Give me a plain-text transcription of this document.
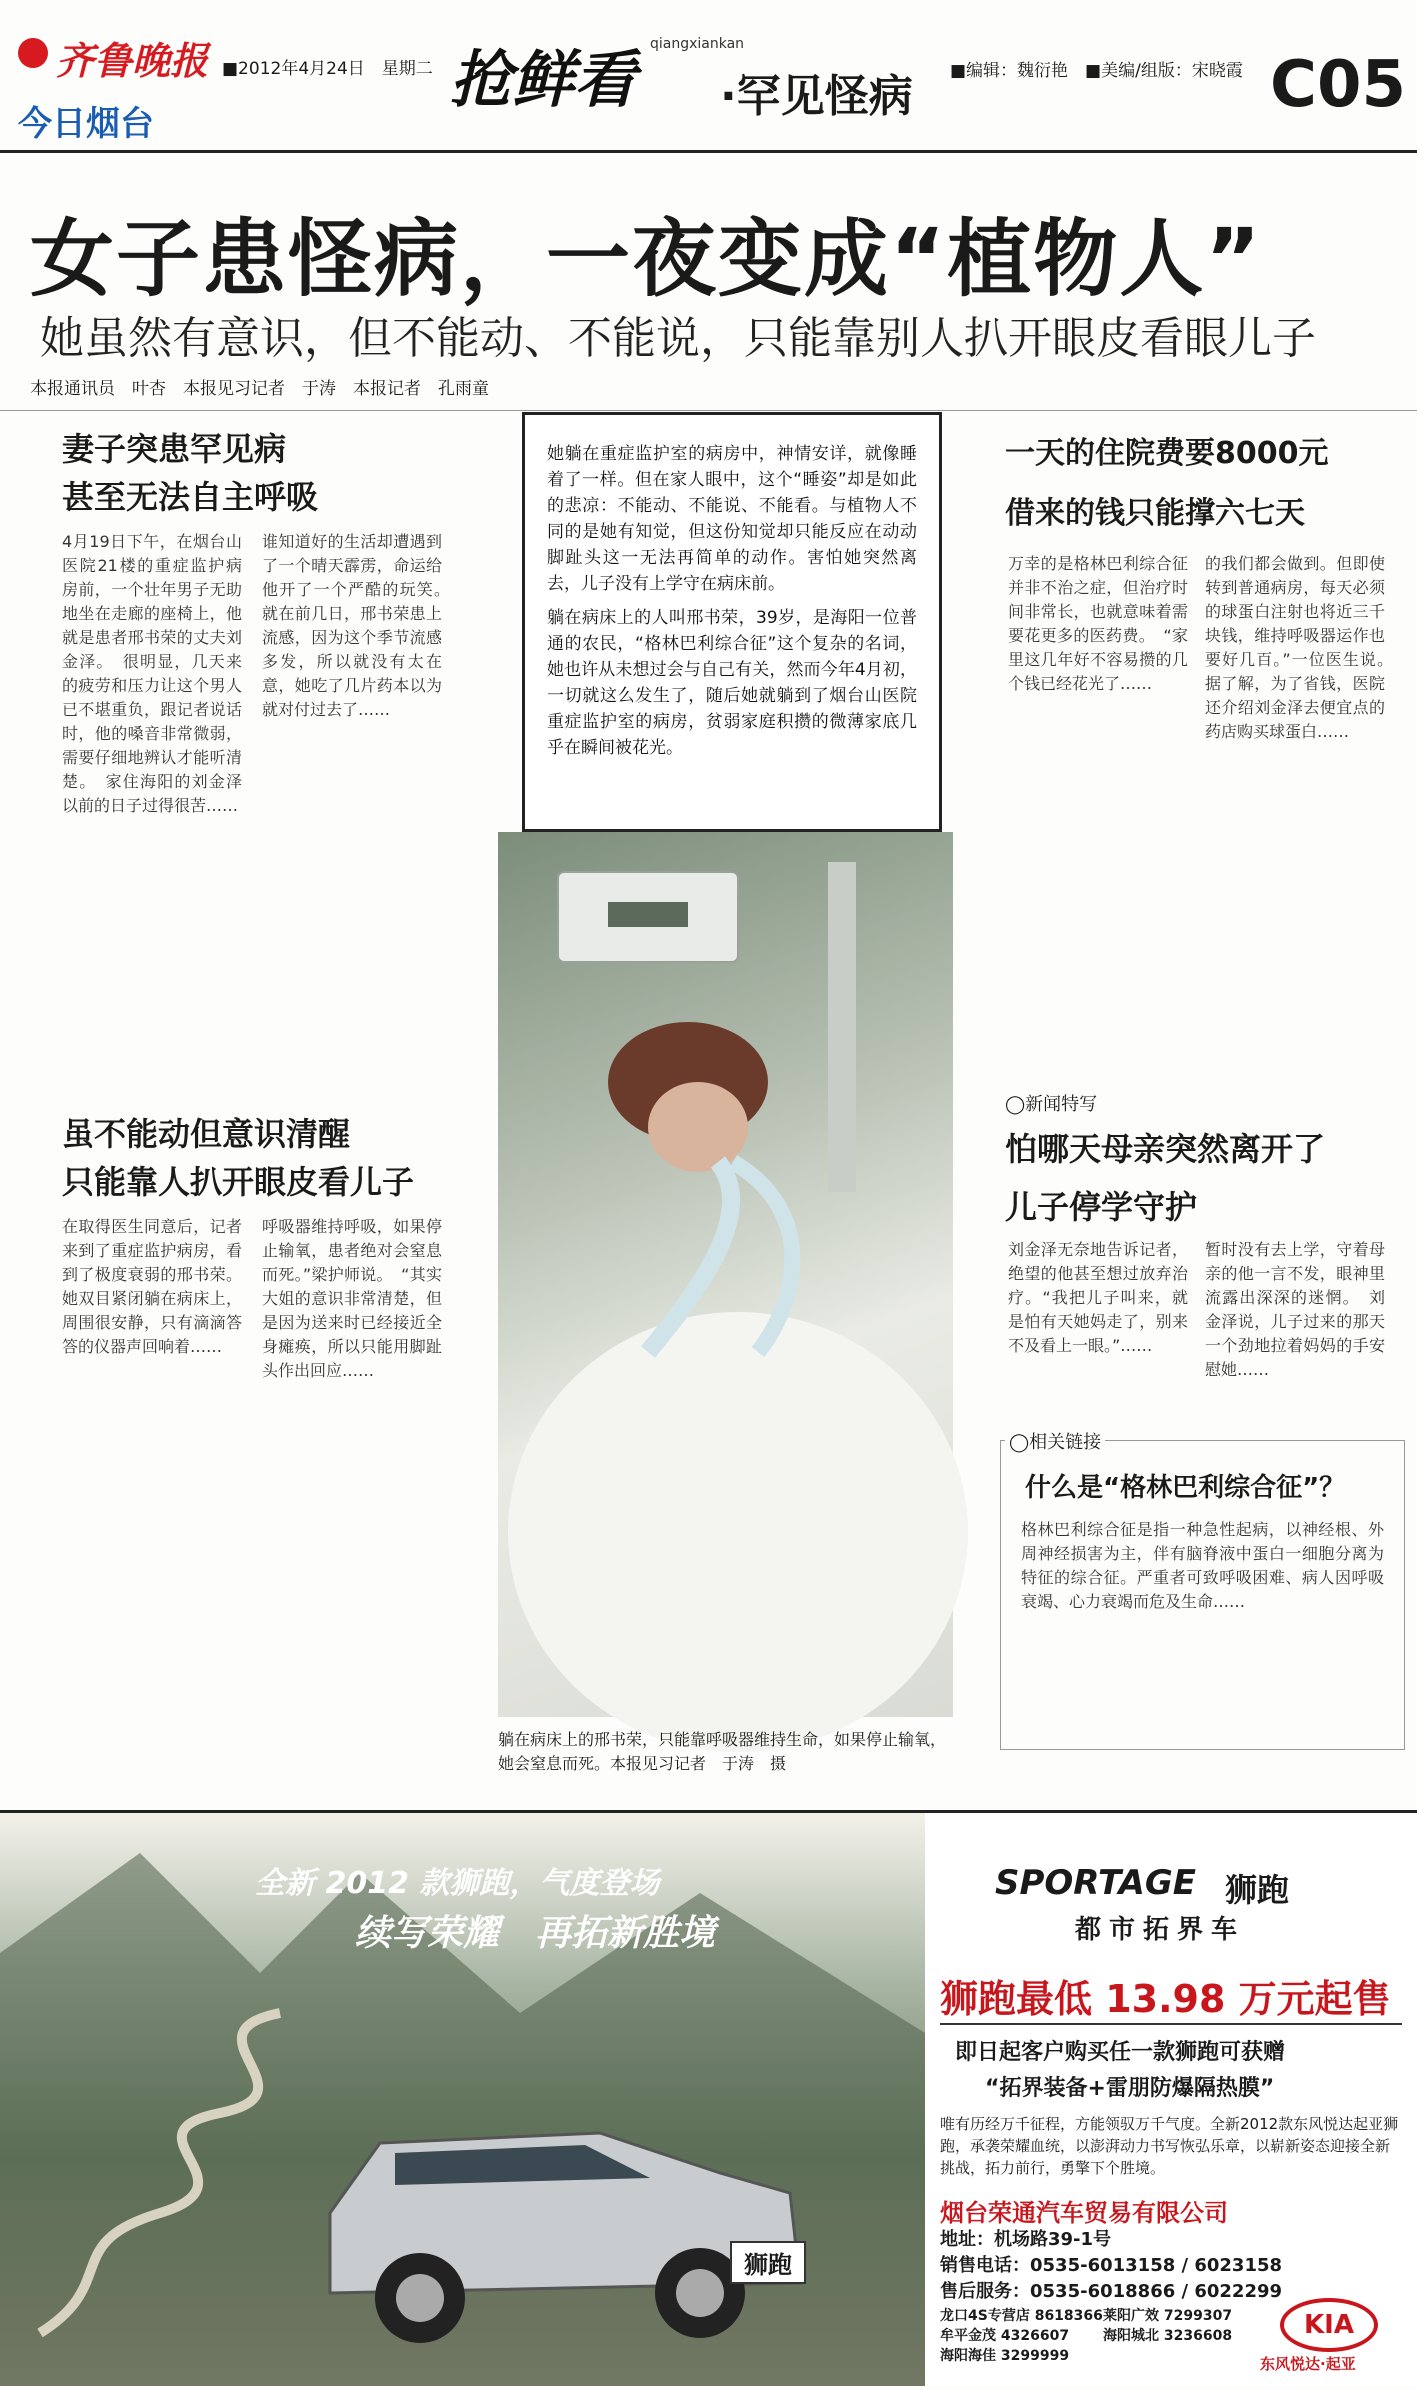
齐鲁晚报
今日烟台
■2012年4月24日　星期二 抢鲜看 qiangxiankan
·罕见怪病 ■编辑：魏衍艳　■美编/组版：宋晓霞 C05
女子患怪病，一夜变成“植物人”
她虽然有意识，但不能动、不能说，只能靠别人扒开眼皮看眼儿子
本报通讯员　叶杏　本报见习记者　于涛　本报记者　孔雨童
妻子突患罕见病
甚至无法自主呼吸
4月19日下午，在烟台山医院21楼的重症监护病房前，一个壮年男子无助地坐在走廊的座椅上，他就是患者邢书荣的丈夫刘金泽。　很明显，几天来的疲劳和压力让这个男人已不堪重负，跟记者说话时，他的嗓音非常微弱，需要仔细地辨认才能听清楚。　家住海阳的刘金泽以前的日子过得很苦……
谁知道好的生活却遭遇到了一个晴天霹雳，命运给他开了一个严酷的玩笑。　就在前几日，邢书荣患上流感，因为这个季节流感多发，所以就没有太在意，她吃了几片药本以为就对付过去了……
虽不能动但意识清醒
只能靠人扒开眼皮看儿子
在取得医生同意后，记者来到了重症监护病房，看到了极度衰弱的邢书荣。她双目紧闭躺在病床上，周围很安静，只有滴滴答答的仪器声回响着……
呼吸器维持呼吸，如果停止输氧，患者绝对会窒息而死。”梁护师说。　“其实大姐的意识非常清楚，但是因为送来时已经接近全身瘫痪，所以只能用脚趾头作出回应……
她躺在重症监护室的病房中，神情安详，就像睡着了一样。但在家人眼中，这个“睡姿”却是如此的悲凉：不能动、不能说、不能看。与植物人不同的是她有知觉，但这份知觉却只能反应在动动脚趾头这一无法再简单的动作。害怕她突然离去，儿子没有上学守在病床前。
躺在病床上的人叫邢书荣，39岁，是海阳一位普通的农民，“格林巴利综合征”这个复杂的名词，她也许从未想过会与自己有关，然而今年4月初，一切就这么发生了，随后她就躺到了烟台山医院重症监护室的病房，贫弱家庭积攒的微薄家底几乎在瞬间被花光。
躺在病床上的邢书荣，只能靠呼吸器维持生命，如果停止输氧，她会窒息而死。本报见习记者　于涛　摄
一天的住院费要8000元
借来的钱只能撑六七天
万幸的是格林巴利综合征并非不治之症，但治疗时间非常长，也就意味着需要花更多的医药费。　“家里这几年好不容易攒的几个钱已经花光了……
的我们都会做到。但即使转到普通病房，每天必须的球蛋白注射也将近三千块钱，维持呼吸器运作也要好几百。”一位医生说。　据了解，为了省钱，医院还介绍刘金泽去便宜点的药店购买球蛋白……
◯新闻特写
怕哪天母亲突然离开了
儿子停学守护
刘金泽无奈地告诉记者，绝望的他甚至想过放弃治疗。“我把儿子叫来，就是怕有天她妈走了，别来不及看上一眼。”……
暂时没有去上学，守着母亲的他一言不发，眼神里流露出深深的迷惘。　刘金泽说，儿子过来的那天一个劲地拉着妈妈的手安慰她……
◯相关链接
什么是“格林巴利综合征”？
格林巴利综合征是指一种急性起病，以神经根、外周神经损害为主，伴有脑脊液中蛋白一细胞分离为特征的综合征。严重者可致呼吸困难、病人因呼吸衰竭、心力衰竭而危及生命……
全新 2012 款狮跑，气度登场
续写荣耀　再拓新胜境
狮跑
SPORTAGE 狮跑
都市拓界车
狮跑最低 13.98 万元起售
即日起客户购买任一款狮跑可获赠
“拓界装备+雷朋防爆隔热膜”
唯有历经万千征程，方能领驭万千气度。全新2012款东风悦达起亚狮跑，承袭荣耀血统，以澎湃动力书写恢弘乐章，以崭新姿态迎接全新挑战，拓力前行，勇擎下个胜境。
烟台荣通汽车贸易有限公司
地址：机场路39-1号
销售电话：0535-6013158 / 6023158
售后服务：0535-6018866 / 6022299
龙口4S专营店 8618366 莱阳广效 7299307
牟平金茂 4326607 海阳城北 3236608
海阳海佳 3299999
KIA
东风悦达·起亚
